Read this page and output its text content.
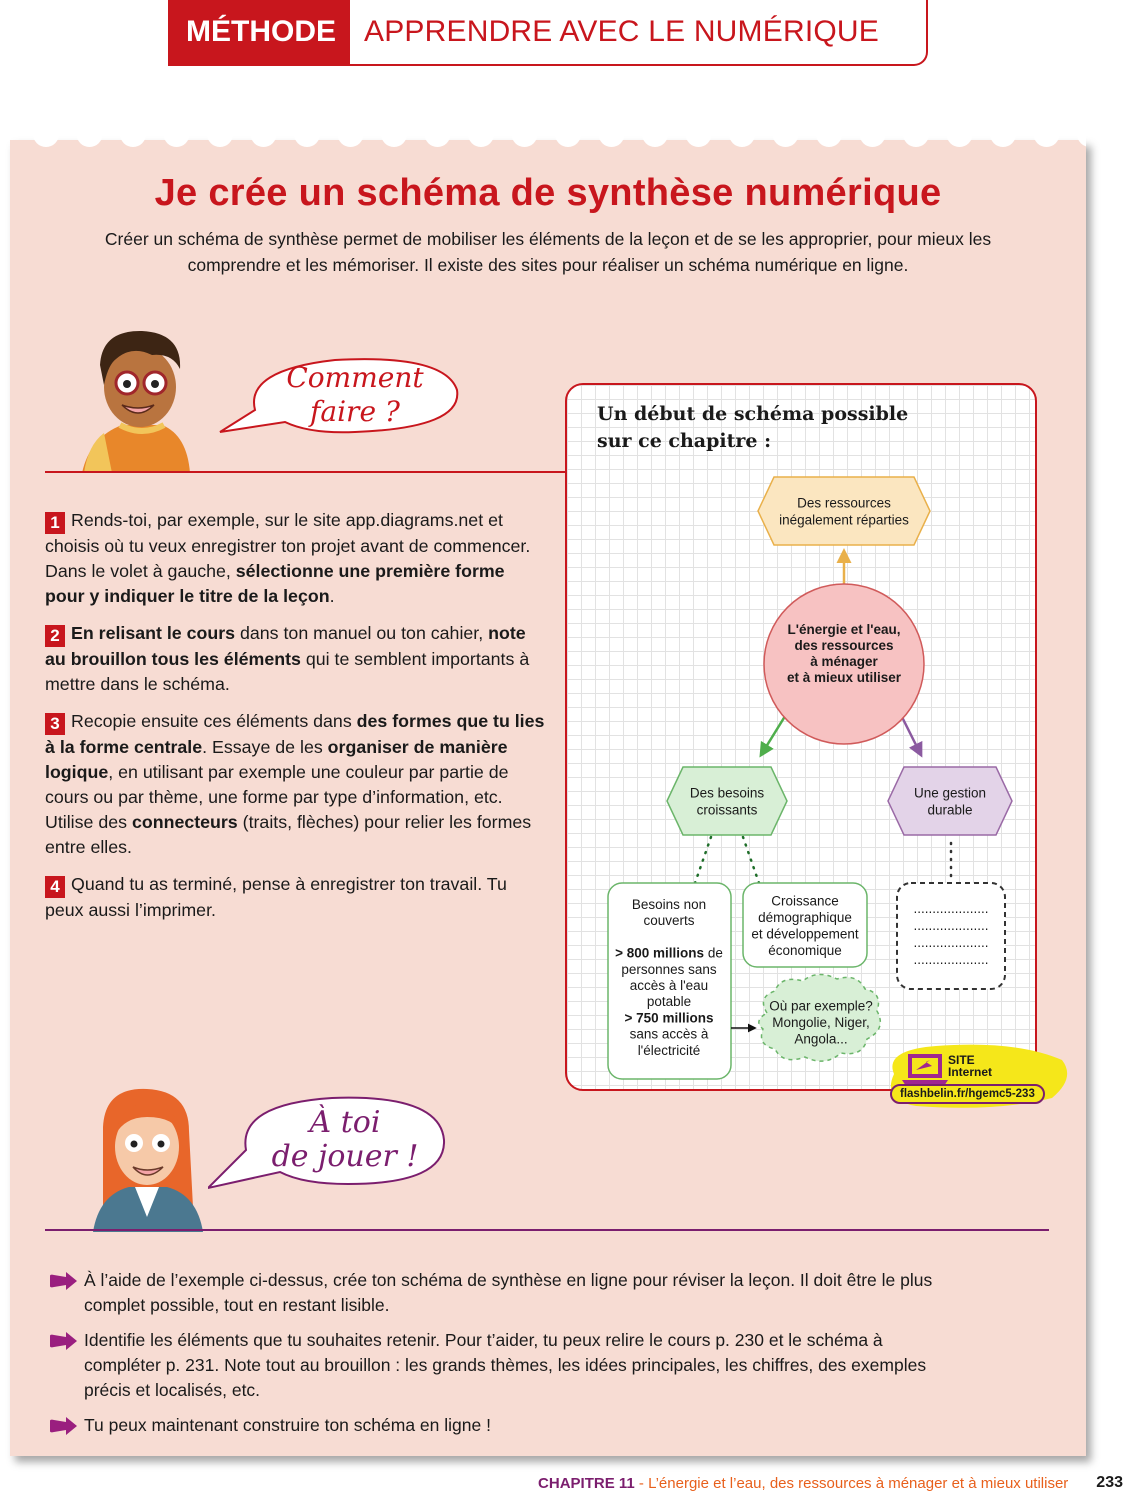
MÉTHODE APPRENDRE AVEC LE NUMÉRIQUE
Je crée un schéma de synthèse numérique
Créer un schéma de synthèse permet de mobiliser les éléments de la leçon et de se les approprier, pour mieux les comprendre et les mémoriser. Il existe des sites pour réaliser un schéma numérique en ligne.
Comment
faire ?
1 Rends-toi, par exemple, sur le site app.diagrams.net et choisis où tu veux enregistrer ton projet avant de commencer. Dans le volet à gauche, sélectionne une première forme pour y indiquer le titre de la leçon.
2 En relisant le cours dans ton manuel ou ton cahier, note au brouillon tous les éléments qui te semblent importants à mettre dans le schéma.
3 Recopie ensuite ces éléments dans des formes que tu lies à la forme centrale. Essaye de les organiser de manière logique, en utilisant par exemple une couleur par partie de cours ou par thème, une forme par type d’information, etc. Utilise des connecteurs (traits, flèches) pour relier les formes entre elles.
4 Quand tu as terminé, pense à enregistrer ton travail. Tu peux aussi l’imprimer.
À toi
de jouer !
À l’aide de l’exemple ci-dessus, crée ton schéma de synthèse en ligne pour réviser la leçon. Il doit être le plus complet possible, tout en restant lisible.
Identifie les éléments que tu souhaites retenir. Pour t’aider, tu peux relire le cours p. 230 et le schéma à compléter p. 231. Note tout au brouillon : les grands thèmes, les idées principales, les chiffres, des exemples précis et localisés, etc.
Tu peux maintenant construire ton schéma en ligne !
Un début de schéma possible
sur ce chapitre :
Des ressources
inégalement réparties
L'énergie et l'eau,
des ressources
à ménager
et à mieux utiliser
Des besoins
croissants
Une gestion
durable
Besoins non
couverts
> 800 millions de
personnes sans
accès à l'eau
potable
> 750 millions
sans accès à
l'électricité
Croissance
démographique
et développement
économique
Où par exemple?
Mongolie, Niger,
Angola...
....................
....................
....................
....................
SITE
Internet
flashbelin.fr/hgemc5-233
CHAPITRE 11 - L’énergie et l’eau, des ressources à ménager et à mieux utiliser 233
